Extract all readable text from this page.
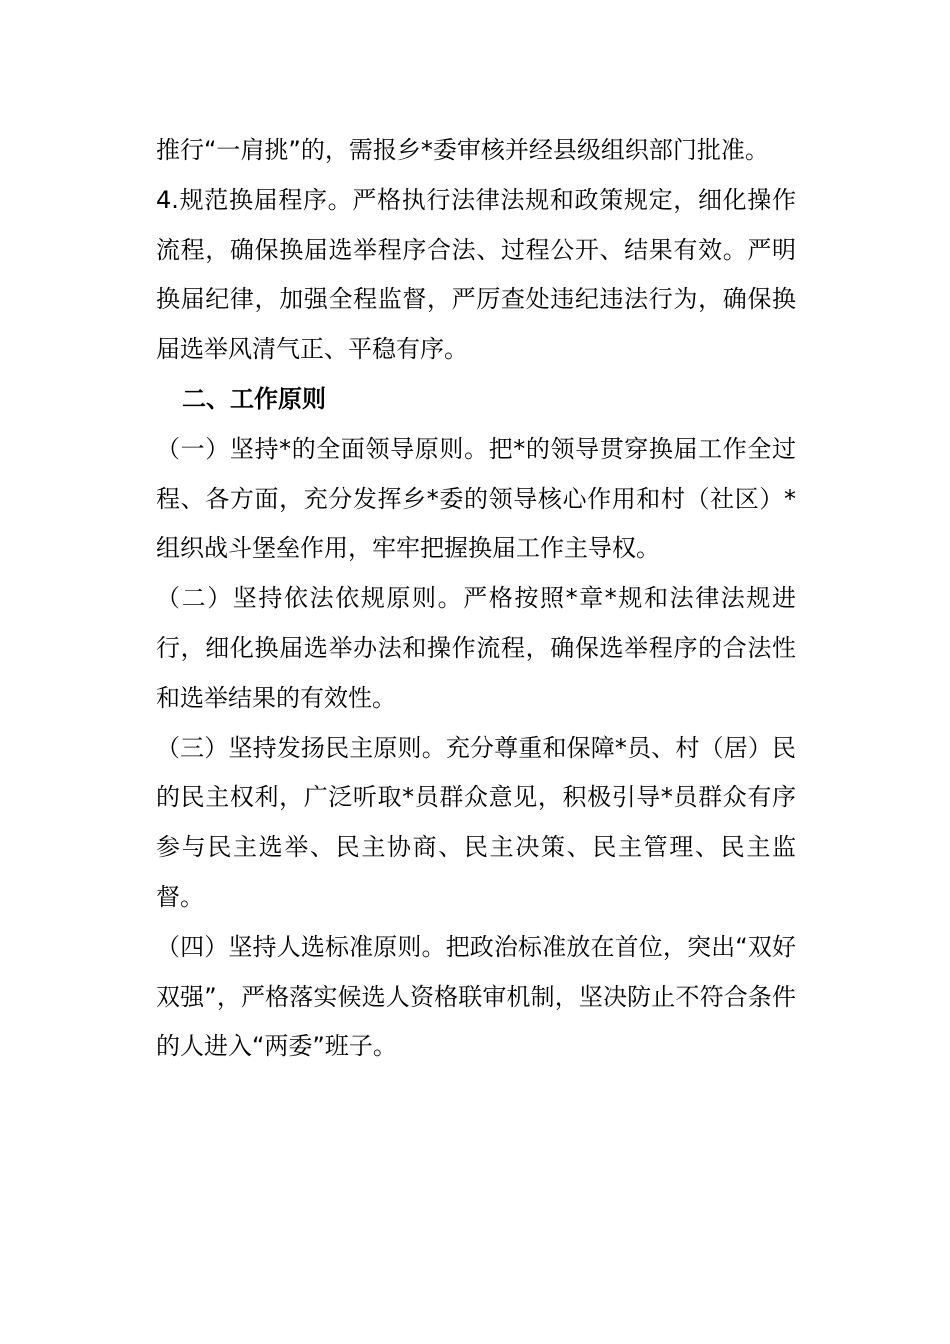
推行“一肩挑”的，需报乡*委审核并经县级组织部门批准。

4.规范换届程序。严格执行法律法规和政策规定，细化操作流程，确保换届选举程序合法、过程公开、结果有效。严明换届纪律，加强全程监督，严厉查处违纪违法行为，确保换届选举风清气正、平稳有序。

二、工作原则

（一）坚持*的全面领导原则。把*的领导贯穿换届工作全过程、各方面，充分发挥乡*委的领导核心作用和村（社区）*组织战斗堡垒作用，牢牢把握换届工作主导权。

（二）坚持依法依规原则。严格按照*章*规和法律法规进行，细化换届选举办法和操作流程，确保选举程序的合法性和选举结果的有效性。

（三）坚持发扬民主原则。充分尊重和保障*员、村（居）民的民主权利，广泛听取*员群众意见，积极引导*员群众有序参与民主选举、民主协商、民主决策、民主管理、民主监督。

（四）坚持人选标准原则。把政治标准放在首位，突出“双好双强”，严格落实候选人资格联审机制，坚决防止不符合条件的人进入“两委”班子。
